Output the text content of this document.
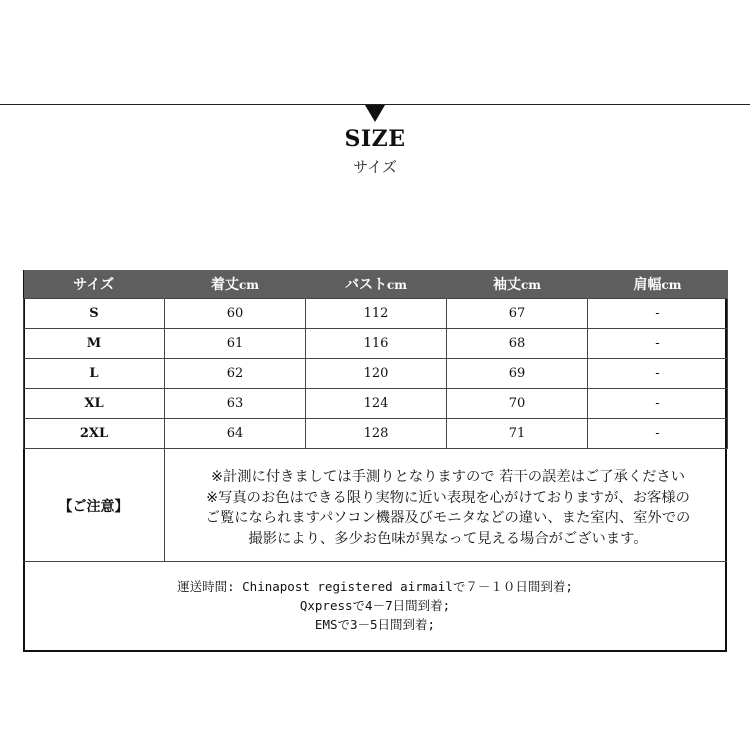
SIZE
サイズ
サイズ	着丈cm	バストcm	袖丈cm	肩幅cm
S	60	112	67	-
M	61	116	68	-
L	62	120	69	-
XL	63	124	70	-
2XL	64	128	71	-
【ご注意】
※計測に付きましては手測りとなりますので 若干の誤差はご了承ください
※写真のお色はできる限り実物に近い表現を心がけておりますが、お客様の
ご覧になられますパソコン機器及びモニタなどの違い、また室内、室外での
撮影により、多少お色味が異なって見える場合がございます。
運送時間: Chinapost registered airmailで７－１０日間到着;
Qxpressで4－7日間到着;
EMSで3－5日間到着;
